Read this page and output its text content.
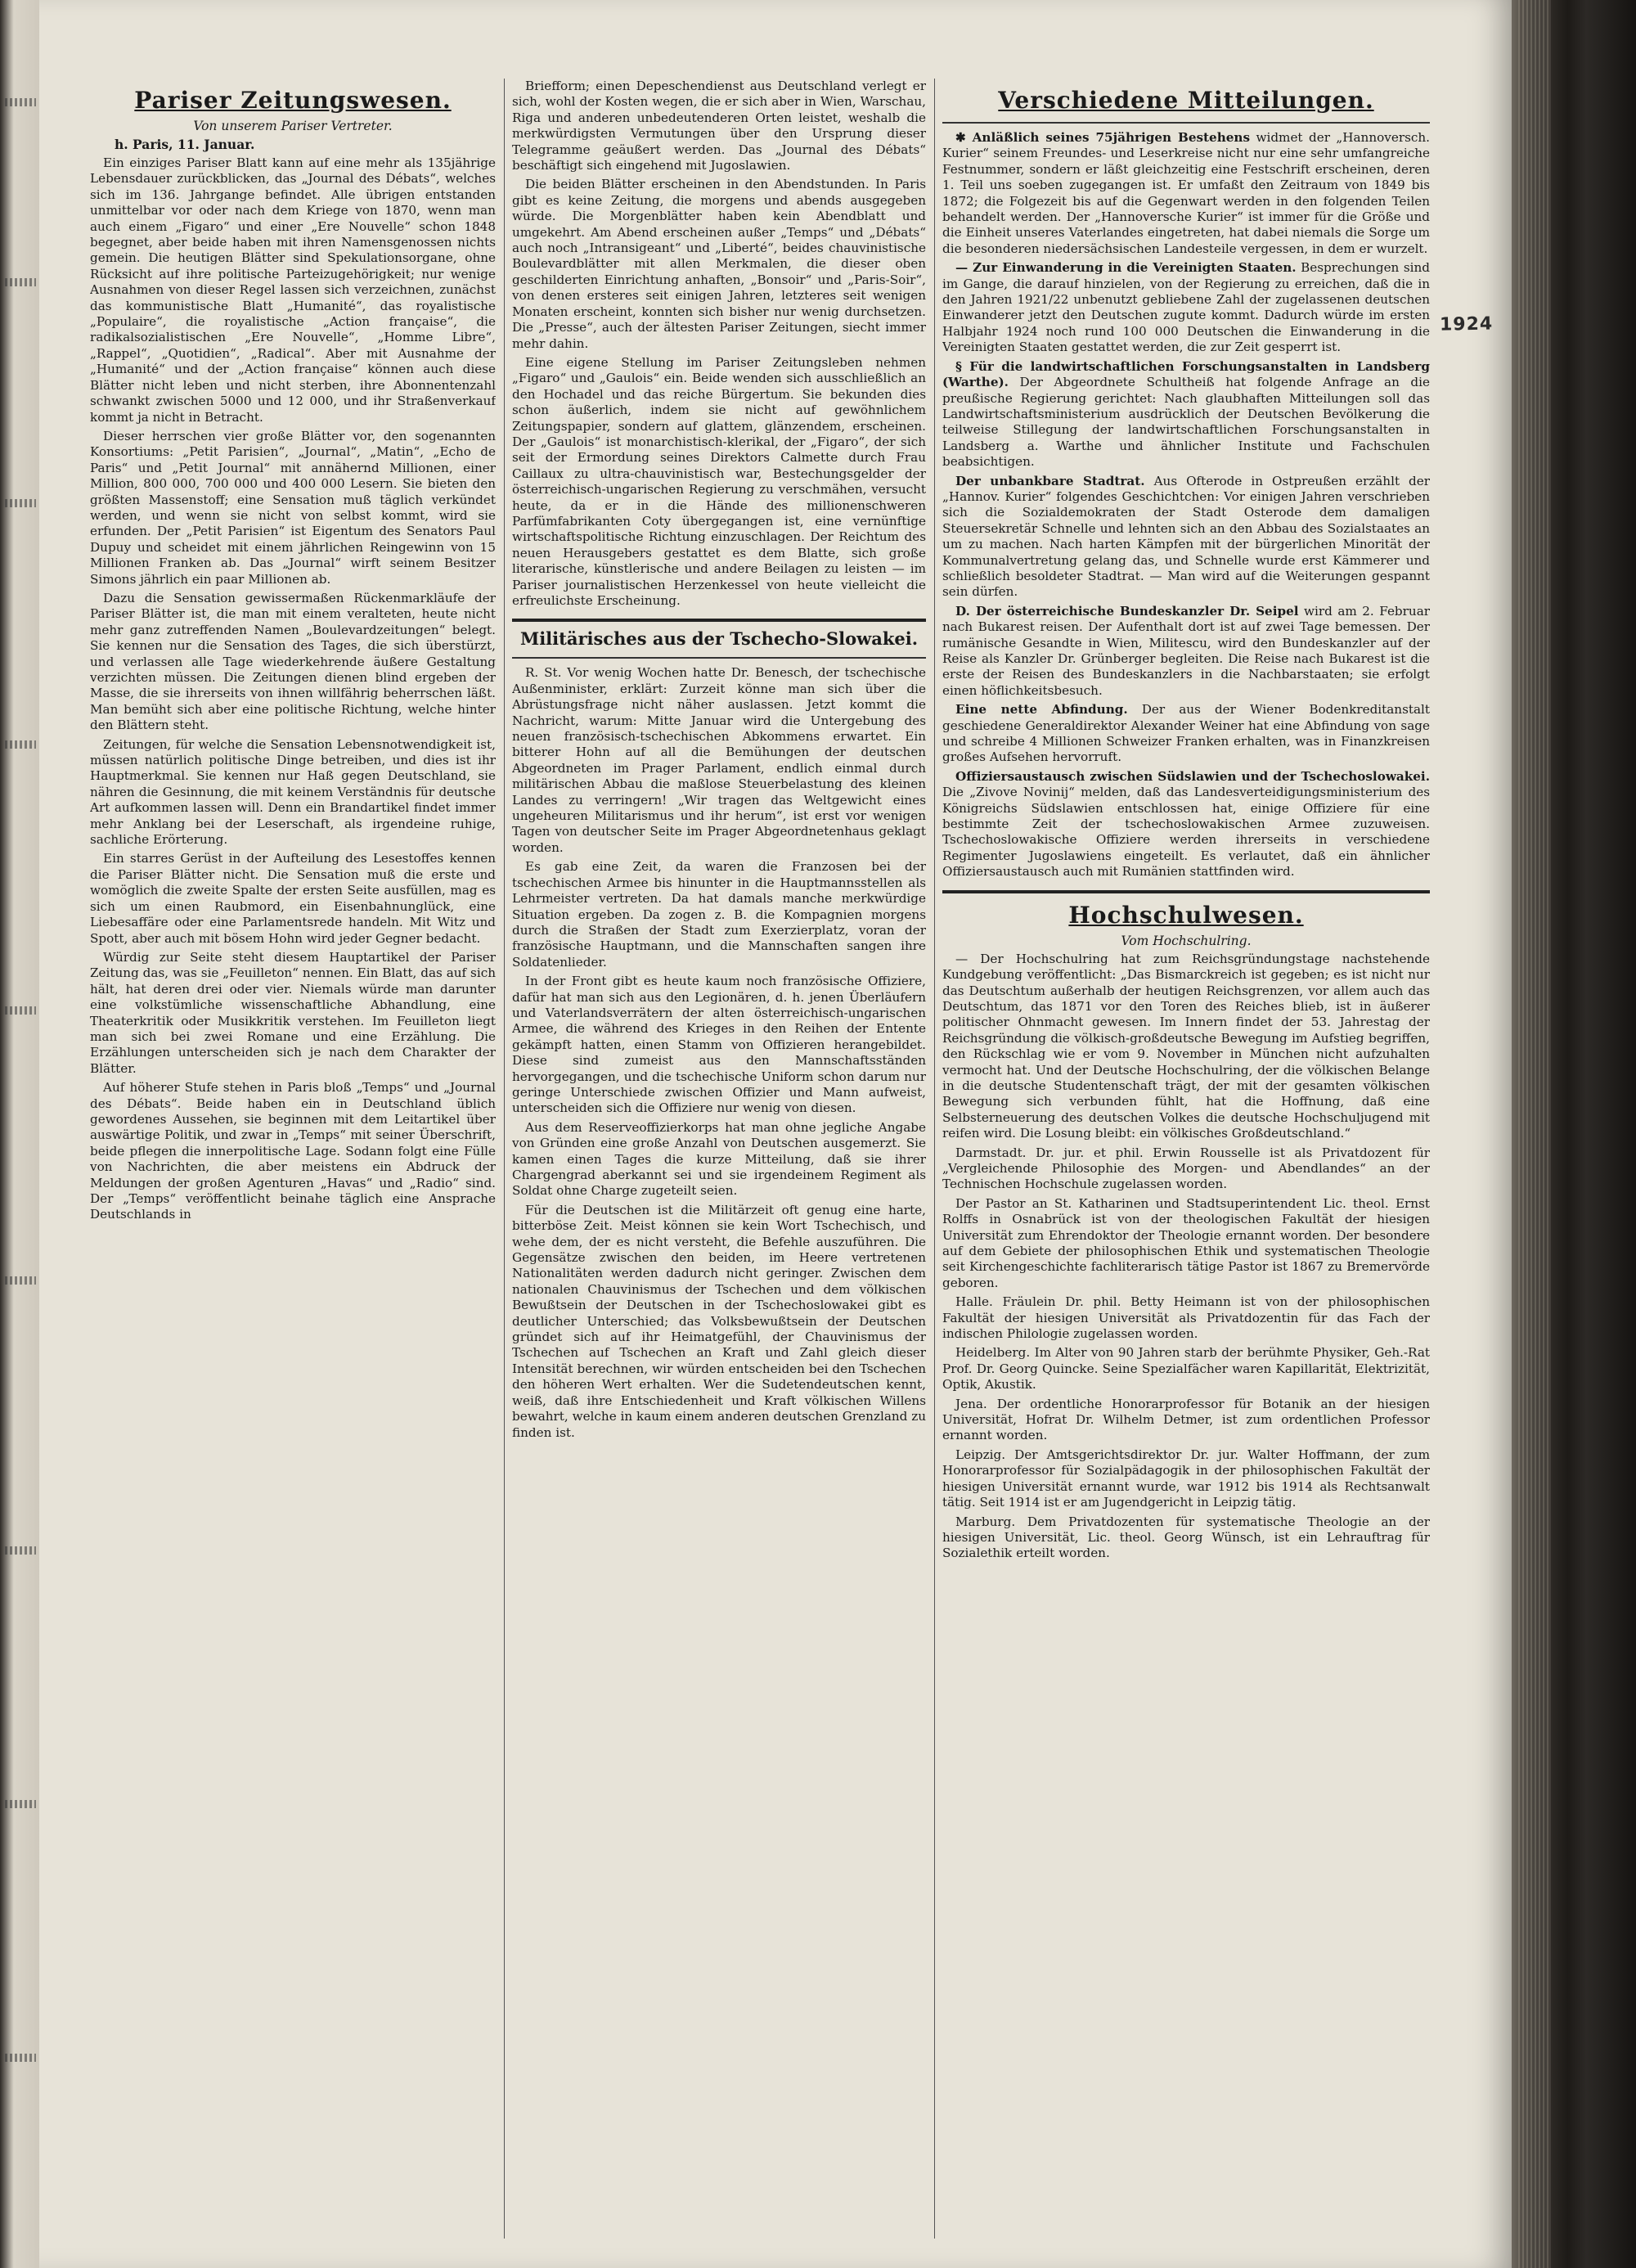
1924
Pariser Zeitungswesen.
Von unserem Pariser Vertreter.
h. Paris, 11. Januar.

Ein einziges Pariser Blatt kann auf eine mehr als 135jährige Lebensdauer zurückblicken, das „Journal des Débats“, welches sich im 136. Jahrgange befindet. Alle übrigen entstanden unmittelbar vor oder nach dem Kriege von 1870, wenn man auch einem „Figaro“ und einer „Ere Nouvelle“ schon 1848 begegnet, aber beide haben mit ihren Namensgenossen nichts gemein. Die heutigen Blätter sind Spekulationsorgane, ohne Rücksicht auf ihre politische Parteizugehörigkeit; nur wenige Ausnahmen von dieser Regel lassen sich verzeichnen, zunächst das kommunistische Blatt „Humanité“, das royalistische „Populaire“, die royalistische „Action française“, die radikalsozialistischen „Ere Nouvelle“, „Homme Libre“, „Rappel“, „Quotidien“, „Radical“. Aber mit Ausnahme der „Humanité“ und der „Action française“ können auch diese Blätter nicht leben und nicht sterben, ihre Abonnentenzahl schwankt zwischen 5000 und 12 000, und ihr Straßenverkauf kommt ja nicht in Betracht.

Dieser herrschen vier große Blätter vor, den sogenannten Konsortiums: „Petit Parisien“, „Journal“, „Matin“, „Echo de Paris“ und „Petit Journal“ mit annähernd Millionen, einer Million, 800 000, 700 000 und 400 000 Lesern. Sie bieten den größten Massenstoff; eine Sensation muß täglich verkündet werden, und wenn sie nicht von selbst kommt, wird sie erfunden. Der „Petit Parisien“ ist Eigentum des Senators Paul Dupuy und scheidet mit einem jährlichen Reingewinn von 15 Millionen Franken ab. Das „Journal“ wirft seinem Besitzer Simons jährlich ein paar Millionen ab.

Dazu die Sensation gewissermaßen Rückenmarkläufe der Pariser Blätter ist, die man mit einem veralteten, heute nicht mehr ganz zutreffenden Namen „Boulevardzeitungen“ belegt. Sie kennen nur die Sensation des Tages, die sich überstürzt, und verlassen alle Tage wiederkehrende äußere Gestaltung verzichten müssen. Die Zeitungen dienen blind ergeben der Masse, die sie ihrerseits von ihnen willfährig beherrschen läßt. Man bemüht sich aber eine politische Richtung, welche hinter den Blättern steht.

Zeitungen, für welche die Sensation Lebensnotwendigkeit ist, müssen natürlich politische Dinge betreiben, und dies ist ihr Hauptmerkmal. Sie kennen nur Haß gegen Deutschland, sie nähren die Gesinnung, die mit keinem Verständnis für deutsche Art aufkommen lassen will. Denn ein Brandartikel findet immer mehr Anklang bei der Leserschaft, als irgendeine ruhige, sachliche Erörterung.

Ein starres Gerüst in der Aufteilung des Lesestoffes kennen die Pariser Blätter nicht. Die Sensation muß die erste und womöglich die zweite Spalte der ersten Seite ausfüllen, mag es sich um einen Raubmord, ein Eisenbahnunglück, eine Liebesaffäre oder eine Parlamentsrede handeln. Mit Witz und Spott, aber auch mit bösem Hohn wird jeder Gegner bedacht.

Würdig zur Seite steht diesem Hauptartikel der Pariser Zeitung das, was sie „Feuilleton“ nennen. Ein Blatt, das auf sich hält, hat deren drei oder vier. Niemals würde man darunter eine volkstümliche wissenschaftliche Abhandlung, eine Theaterkritik oder Musikkritik verstehen. Im Feuilleton liegt man sich bei zwei Romane und eine Erzählung. Die Erzählungen unterscheiden sich je nach dem Charakter der Blätter.

Auf höherer Stufe stehen in Paris bloß „Temps“ und „Journal des Débats“. Beide haben ein in Deutschland üblich gewordenes Aussehen, sie beginnen mit dem Leitartikel über auswärtige Politik, und zwar in „Temps“ mit seiner Überschrift, beide pflegen die innerpolitische Lage. Sodann folgt eine Fülle von Nachrichten, die aber meistens ein Abdruck der Meldungen der großen Agenturen „Havas“ und „Radio“ sind. Der „Temps“ veröffentlicht beinahe täglich eine Ansprache Deutschlands in

Briefform; einen Depeschendienst aus Deutschland verlegt er sich, wohl der Kosten wegen, die er sich aber in Wien, Warschau, Riga und anderen unbedeutenderen Orten leistet, weshalb die merkwürdigsten Vermutungen über den Ursprung dieser Telegramme geäußert werden. Das „Journal des Débats“ beschäftigt sich eingehend mit Jugoslawien.

Die beiden Blätter erscheinen in den Abendstunden. In Paris gibt es keine Zeitung, die morgens und abends ausgegeben würde. Die Morgenblätter haben kein Abendblatt und umgekehrt. Am Abend erscheinen außer „Temps“ und „Débats“ auch noch „Intransigeant“ und „Liberté“, beides chauvinistische Boulevardblätter mit allen Merkmalen, die dieser oben geschilderten Einrichtung anhaften, „Bonsoir“ und „Paris-Soir“, von denen ersteres seit einigen Jahren, letzteres seit wenigen Monaten erscheint, konnten sich bisher nur wenig durchsetzen. Die „Presse“, auch der ältesten Pariser Zeitungen, siecht immer mehr dahin.

Eine eigene Stellung im Pariser Zeitungsleben nehmen „Figaro“ und „Gaulois“ ein. Beide wenden sich ausschließlich an den Hochadel und das reiche Bürgertum. Sie bekunden dies schon äußerlich, indem sie nicht auf gewöhnlichem Zeitungspapier, sondern auf glattem, glänzendem, erscheinen. Der „Gaulois“ ist monarchistisch-klerikal, der „Figaro“, der sich seit der Ermordung seines Direktors Calmette durch Frau Caillaux zu ultra-chauvinistisch war, Bestechungsgelder der österreichisch-ungarischen Regierung zu verschmähen, versucht heute, da er in die Hände des millionenschweren Parfümfabrikanten Coty übergegangen ist, eine vernünftige wirtschaftspolitische Richtung einzuschlagen. Der Reichtum des neuen Herausgebers gestattet es dem Blatte, sich große literarische, künstlerische und andere Beilagen zu leisten — im Pariser journalistischen Herzenkessel von heute vielleicht die erfreulichste Erscheinung.

Militärisches aus der Tschecho-Slowakei.

R. St. Vor wenig Wochen hatte Dr. Benesch, der tschechische Außenminister, erklärt: Zurzeit könne man sich über die Abrüstungsfrage nicht näher auslassen. Jetzt kommt die Nachricht, warum: Mitte Januar wird die Untergebung des neuen französisch-tschechischen Abkommens erwartet. Ein bitterer Hohn auf all die Bemühungen der deutschen Abgeordneten im Prager Parlament, endlich einmal durch militärischen Abbau die maßlose Steuerbelastung des kleinen Landes zu verringern! „Wir tragen das Weltgewicht eines ungeheuren Militarismus und ihr herum“, ist erst vor wenigen Tagen von deutscher Seite im Prager Abgeordnetenhaus geklagt worden.

Es gab eine Zeit, da waren die Franzosen bei der tschechischen Armee bis hinunter in die Hauptmannsstellen als Lehrmeister vertreten. Da hat damals manche merkwürdige Situation ergeben. Da zogen z. B. die Kompagnien morgens durch die Straßen der Stadt zum Exerzierplatz, voran der französische Hauptmann, und die Mannschaften sangen ihre Soldatenlieder.

In der Front gibt es heute kaum noch französische Offiziere, dafür hat man sich aus den Legionären, d. h. jenen Überläufern und Vaterlandsverrätern der alten österreichisch-ungarischen Armee, die während des Krieges in den Reihen der Entente gekämpft hatten, einen Stamm von Offizieren herangebildet. Diese sind zumeist aus den Mannschaftsständen hervorgegangen, und die tschechische Uniform schon darum nur geringe Unterschiede zwischen Offizier und Mann aufweist, unterscheiden sich die Offiziere nur wenig von diesen.

Aus dem Reserveoffizierkorps hat man ohne jegliche Angabe von Gründen eine große Anzahl von Deutschen ausgemerzt. Sie kamen einen Tages die kurze Mitteilung, daß sie ihrer Chargengrad aberkannt sei und sie irgendeinem Regiment als Soldat ohne Charge zugeteilt seien.

Für die Deutschen ist die Militärzeit oft genug eine harte, bitterböse Zeit. Meist können sie kein Wort Tschechisch, und wehe dem, der es nicht versteht, die Befehle auszuführen. Die Gegensätze zwischen den beiden, im Heere vertretenen Nationalitäten werden dadurch nicht geringer. Zwischen dem nationalen Chauvinismus der Tschechen und dem völkischen Bewußtsein der Deutschen in der Tschechoslowakei gibt es deutlicher Unterschied; das Volksbewußtsein der Deutschen gründet sich auf ihr Heimatgefühl, der Chauvinismus der Tschechen auf Tschechen an Kraft und Zahl gleich dieser Intensität berechnen, wir würden entscheiden bei den Tschechen den höheren Wert erhalten. Wer die Sudetendeutschen kennt, weiß, daß ihre Entschiedenheit und Kraft völkischen Willens bewahrt, welche in kaum einem anderen deutschen Grenzland zu finden ist.

Verschiedene Mitteilungen.

✱ Anläßlich seines 75jährigen Bestehens widmet der „Hannoversch. Kurier“ seinem Freundes- und Leserkreise nicht nur eine sehr umfangreiche Festnummer, sondern er läßt gleichzeitig eine Festschrift erscheinen, deren 1. Teil uns soeben zugegangen ist. Er umfaßt den Zeitraum von 1849 bis 1872; die Folgezeit bis auf die Gegenwart werden in den folgenden Teilen behandelt werden. Der „Hannoversche Kurier“ ist immer für die Größe und die Einheit unseres Vaterlandes eingetreten, hat dabei niemals die Sorge um die besonderen niedersächsischen Landesteile vergessen, in dem er wurzelt.

— Zur Einwanderung in die Vereinigten Staaten. Besprechungen sind im Gange, die darauf hinzielen, von der Regierung zu erreichen, daß die in den Jahren 1921/22 unbenutzt gebliebene Zahl der zugelassenen deutschen Einwanderer jetzt den Deutschen zugute kommt. Dadurch würde im ersten Halbjahr 1924 noch rund 100 000 Deutschen die Einwanderung in die Vereinigten Staaten gestattet werden, die zur Zeit gesperrt ist.

§ Für die landwirtschaftlichen Forschungsanstalten in Landsberg (Warthe). Der Abgeordnete Schultheiß hat folgende Anfrage an die preußische Regierung gerichtet: Nach glaubhaften Mitteilungen soll das Landwirtschaftsministerium ausdrücklich der Deutschen Bevölkerung die teilweise Stillegung der landwirtschaftlichen Forschungsanstalten in Landsberg a. Warthe und ähnlicher Institute und Fachschulen beabsichtigen.

Der unbankbare Stadtrat. Aus Ofterode in Ostpreußen erzählt der „Hannov. Kurier“ folgendes Geschichtchen: Vor einigen Jahren verschrieben sich die Sozialdemokraten der Stadt Osterode dem damaligen Steuersekretär Schnelle und lehnten sich an den Abbau des Sozialstaates an um zu machen. Nach harten Kämpfen mit der bürgerlichen Minorität der Kommunalvertretung gelang das, und Schnelle wurde erst Kämmerer und schließlich besoldeter Stadtrat. — Man wird auf die Weiterungen gespannt sein dürfen.

D. Der österreichische Bundeskanzler Dr. Seipel wird am 2. Februar nach Bukarest reisen. Der Aufenthalt dort ist auf zwei Tage bemessen. Der rumänische Gesandte in Wien, Militescu, wird den Bundeskanzler auf der Reise als Kanzler Dr. Grünberger begleiten. Die Reise nach Bukarest ist die erste der Reisen des Bundeskanzlers in die Nachbarstaaten; sie erfolgt einen höflichkeitsbesuch.

Eine nette Abfindung. Der aus der Wiener Bodenkreditanstalt geschiedene Generaldirektor Alexander Weiner hat eine Abfindung von sage und schreibe 4 Millionen Schweizer Franken erhalten, was in Finanzkreisen großes Aufsehen hervorruft.

Offiziersaustausch zwischen Südslawien und der Tschechoslowakei. Die „Zivove Novinij“ melden, daß das Landesverteidigungsministerium des Königreichs Südslawien entschlossen hat, einige Offiziere für eine bestimmte Zeit der tschechoslowakischen Armee zuzuweisen. Tschechoslowakische Offiziere werden ihrerseits in verschiedene Regimenter Jugoslawiens eingeteilt. Es verlautet, daß ein ähnlicher Offiziersaustausch auch mit Rumänien stattfinden wird.

Hochschulwesen.
Vom Hochschulring.

— Der Hochschulring hat zum Reichsgründungstage nachstehende Kundgebung veröffentlicht: „Das Bismarckreich ist gegeben; es ist nicht nur das Deutschtum außerhalb der heutigen Reichsgrenzen, vor allem auch das Deutschtum, das 1871 vor den Toren des Reiches blieb, ist in äußerer politischer Ohnmacht gewesen. Im Innern findet der 53. Jahrestag der Reichsgründung die völkisch-großdeutsche Bewegung im Aufstieg begriffen, den Rückschlag wie er vom 9. November in München nicht aufzuhalten vermocht hat. Und der Deutsche Hochschulring, der die völkischen Belange in die deutsche Studentenschaft trägt, der mit der gesamten völkischen Bewegung sich verbunden fühlt, hat die Hoffnung, daß eine Selbsterneuerung des deutschen Volkes die deutsche Hochschuljugend mit reifen wird. Die Losung bleibt: ein völkisches Großdeutschland.“

Darmstadt. Dr. jur. et phil. Erwin Rousselle ist als Privatdozent für „Vergleichende Philosophie des Morgen- und Abendlandes“ an der Technischen Hochschule zugelassen worden.

Der Pastor an St. Katharinen und Stadtsuperintendent Lic. theol. Ernst Rolffs in Osnabrück ist von der theologischen Fakultät der hiesigen Universität zum Ehrendoktor der Theologie ernannt worden. Der besondere auf dem Gebiete der philosophischen Ethik und systematischen Theologie seit Kirchengeschichte fachliterarisch tätige Pastor ist 1867 zu Bremervörde geboren.

Halle. Fräulein Dr. phil. Betty Heimann ist von der philosophischen Fakultät der hiesigen Universität als Privatdozentin für das Fach der indischen Philologie zugelassen worden.

Heidelberg. Im Alter von 90 Jahren starb der berühmte Physiker, Geh.-Rat Prof. Dr. Georg Quincke. Seine Spezialfächer waren Kapillarität, Elektrizität, Optik, Akustik.

Jena. Der ordentliche Honorarprofessor für Botanik an der hiesigen Universität, Hofrat Dr. Wilhelm Detmer, ist zum ordentlichen Professor ernannt worden.

Leipzig. Der Amtsgerichtsdirektor Dr. jur. Walter Hoffmann, der zum Honorarprofessor für Sozialpädagogik in der philosophischen Fakultät der hiesigen Universität ernannt wurde, war 1912 bis 1914 als Rechtsanwalt tätig. Seit 1914 ist er am Jugendgericht in Leipzig tätig.

Marburg. Dem Privatdozenten für systematische Theologie an der hiesigen Universität, Lic. theol. Georg Wünsch, ist ein Lehrauftrag für Sozialethik erteilt worden.
